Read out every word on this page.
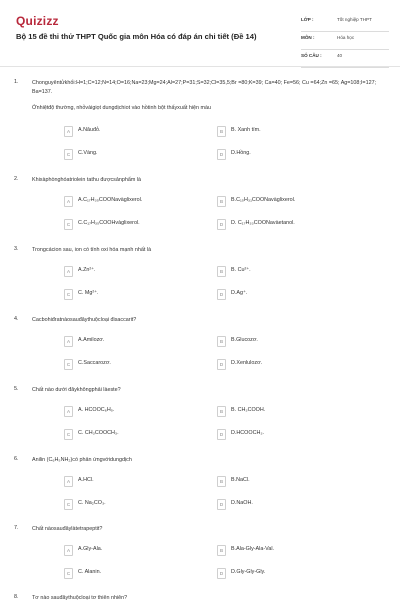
Quizizz
Bộ 15 đề thi thử THPT Quốc gia môn Hóa có đáp án chi tiết (Đề 14)
LỚP :	Tốt nghiệp THPT
MÔN :	Hóa học
SỐ CÂU :	40
1.	Chonguyêntửkhối:H=1;C=12;N=14;O=16;Na=23;Mg=24;Al=27;P=31;S=32;Cl=35,5;Br =80;K=39; Ca=40; Fe=56; Cu =64;Zn =65; Ag=108;I=127; Ba=137.
Ởnhiệtđộ thường, nhỏvàigiọt dungdịchiot vào hồtinh bột thấyxuất hiện màu
A	A.Nâuđỏ.	B	B. Xanh tím.
C	C.Vàng.	D	D.Hồng.
2.	Khixàphònghóatriolein tathu đượcsảnphẩm là
A	A.C₁₇H₃₅COONavàglixerol.	B	B.C₁₅H₃₁COONavàglixerol.
C	C.C₁₇H₃₅COOHvàglixerol.	D	D. C₁₇H₃₃COONavàetanol.
3.	Trongcácion sau, ion có tính oxi hóa mạnh nhất là
A	A.Zn²⁺.	B	B. Cu²⁺.
C	C. Mg²⁺.	D	D.Ag⁺.
4.	Cacbohiđratnàosauđâythuộcloại đisaccarit?
A	A.Amilozơ.	B	B.Glucozơ.
C	C.Saccarozơ.	D	D.Xenlulozơ.
5.	Chất nào dưới đâykhôngphải làeste?
A	A. HCOOC₆H₅.	B	B. CH₃COOH.
C	C. CH₃COOCH₃.	D	D.HCOOCH₃.
6.	Anilin (C₆H₅NH₂)có phản ứngvớidungdịch
A	A.HCl.	B	B.NaCl.
C	C. Na₂CO₃.	D	D.NaOH.
7.	Chất nàosauđâylàtetrapeptit?
A	A.Gly-Ala.	B	B.Ala-Gly-Ala-Val.
C	C. Alanin.	D	D.Gly-Gly-Gly.
8.	Tơ nào sauđâythuộcloại tơ thiên nhiên?
